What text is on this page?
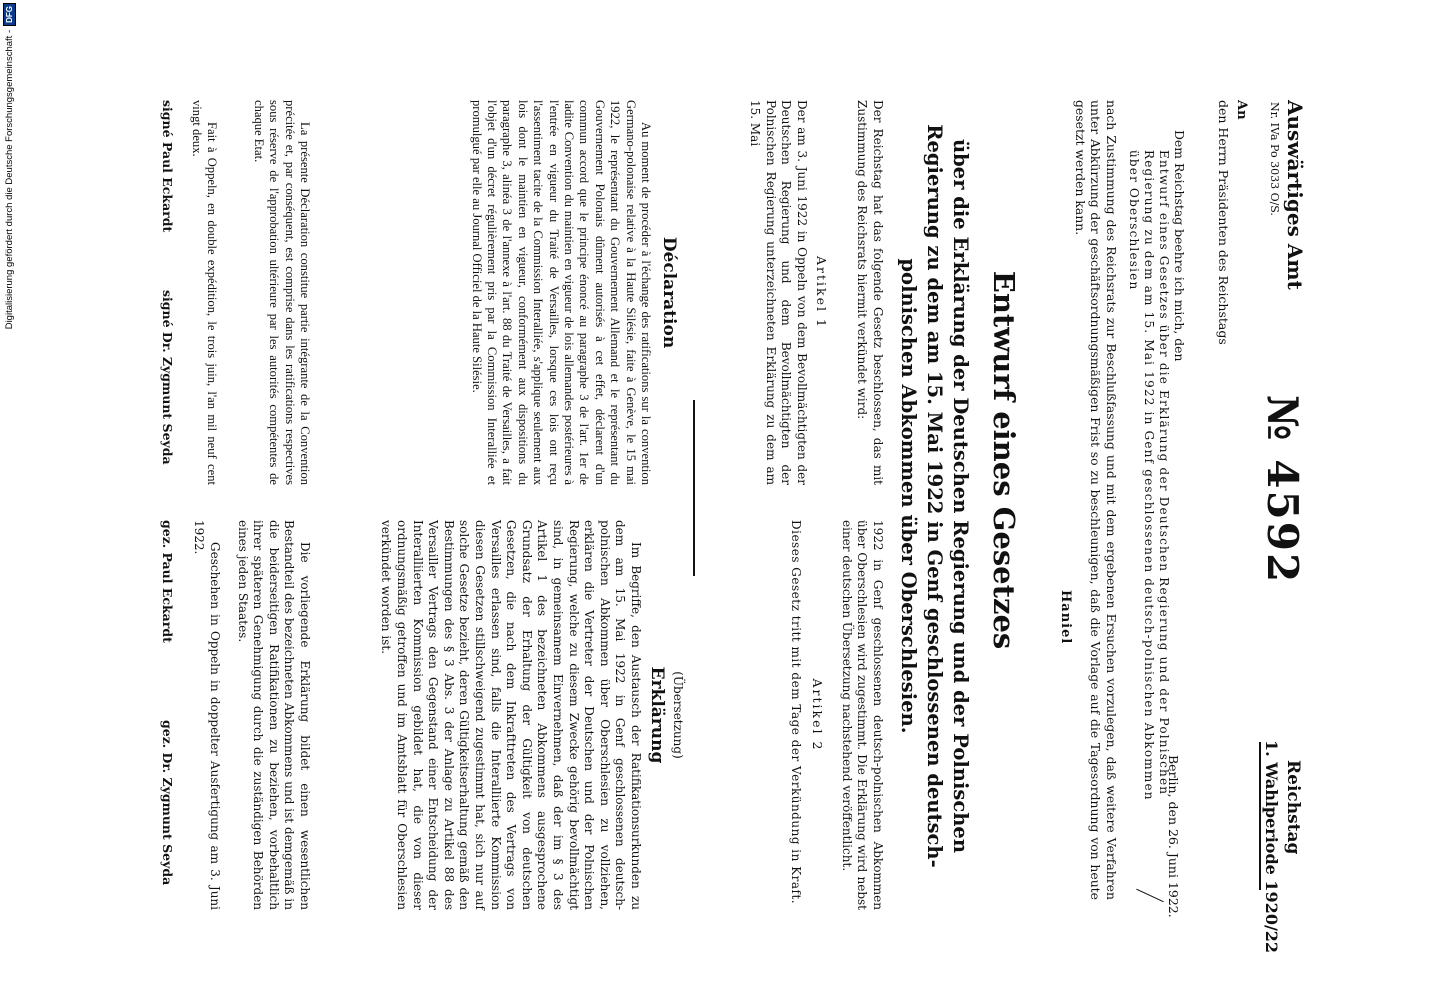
Auswärtiges Amt
Nr. IVa Po 3033 O/S.
№ 4592
Reichstag
1. Wahlperiode 1920/22
An
den Herrn Präsidenten des Reichstags
Berlin, den 26. Juni 1922.
Dem Reichstag beehre ich mich, den
Entwurf eines Gesetzes über die Erklärung der Deutschen Regierung und der Polnischen
Regierung zu dem am 15. Mai 1922 in Genf geschlossenen deutsch-polnischen Abkommen
über Oberschlesien
nach Zustimmung des Reichsrats zur Beschlußfassung und mit dem ergebenen Ersuchen vorzulegen, daß weitere Verfahren unter Abkürzung der geschäftsordnungsmäßigen Frist so zu beschleunigen, daß die Vorlage auf die Tagesordnung von heute gesetzt werden kann.
Haniel
Entwurf eines Gesetzes
über die Erklärung der Deutschen Regierung und der Polnischen Regierung zu dem am 15. Mai 1922 in Genf geschlossenen deutsch-polnischen Abkommen über Oberschlesien.
Der Reichstag hat das folgende Gesetz beschlossen, das mit Zustimmung des Reichsrats hiermit verkündet wird:
Artikel 1
Der am 3. Juni 1922 in Oppeln von dem Bevollmächtigten der Deutschen Regierung und dem Bevollmächtigten der Polnischen Regierung unterzeichneten Erklärung zu dem am 15. Mai
1922 in Genf geschlossenen deutsch-polnischen Abkommen über Oberschlesien wird zugestimmt. Die Erklärung wird nebst einer deutschen Übersetzung nachstehend veröffentlicht.
Artikel 2
Dieses Gesetz tritt mit dem Tage der Verkündung in Kraft.
Déclaration
Au moment de procéder à l'échange des ratifications sur la convention Germano-polonaise relative à la Haute Silésie, faite à Genève, le 15 mai 1922, le représentant du Gouvernement Allemand et le représentant du Gouvernement Polonais dûment autorisés à cet effet, déclarent d'un commun accord que le principe énoncé au paragraphe 3 de l'art. 1er de ladite Convention du maintien en vigueur de lois allemandes postérieures à l'entrée en vigueur du Traité de Versailles, lorsque ces lois ont reçu l'assentiment tacite de la Commission Interalliée, s'applique seulement aux lois dont le maintien en vigueur, conformément aux dispositions du paragraphe 3, alinéa 3 de l'annexe à l'art. 88 du Traité de Versailles, a fait l'objet d'un décret régulièrement pris par la Commission Interalliée et promulgué par elle au Journal Officiel de la Haute Silésie.
La présente Déclaration constitue partie intégrante de la Convention précitée et, par conséquent, est comprise dans les ratifications respectives sous réserve de l'approbation ultérieure par les autorités compétentes de chaque Etat.
Fait à Oppeln, en double expédition, le trois juin, l'an mil neuf cent vingt deux.
signé Paul Eckardt
signé Dr. Zygmunt Seyda
(Übersetzung)
Erklärung
Im Begriffe, den Austausch der Ratifikationsurkunden zu dem am 15. Mai 1922 in Genf geschlossenen deutsch-polnischen Abkommen über Oberschlesien zu vollziehen, erklären die Vertreter der Deutschen und der Polnischen Regierung, welche zu diesem Zwecke gehörig bevollmächtigt sind, in gemeinsamem Einvernehmen, daß der im § 3 des Artikel 1 des bezeichneten Abkommens ausgesprochene Grundsatz der Erhaltung der Gültigkeit von deutschen Gesetzen, die nach dem Inkrafttreten des Vertrags von Versailles erlassen sind, falls die Interalliierte Kommission diesen Gesetzen stillschweigend zugestimmt hat, sich nur auf solche Gesetze bezieht, deren Gültigkeitserhaltung gemäß den Bestimmungen des § 3 Abs. 3 der Anlage zu Artikel 88 des Versailler Vertrags den Gegenstand einer Entscheidung der Interalliierten Kommission gebildet hat, die von dieser ordnungsmäßig getroffen und im Amtsblatt für Oberschlesien verkündet worden ist.
Die vorliegende Erklärung bildet einen wesentlichen Bestandteil des bezeichneten Abkommens und ist demgemäß in die beiderseitigen Ratifikationen zu beziehen, vorbehaltlich ihrer späteren Genehmigung durch die zuständigen Behörden eines jeden Staates.
Geschehen in Oppeln in doppelter Ausfertigung am 3. Juni 1922.
gez. Paul Eckardt
gez. Dr. Zygmunt Seyda
Digitalisierung gefördert durch die Deutsche Forschungsgemeinschaft -
DFG
